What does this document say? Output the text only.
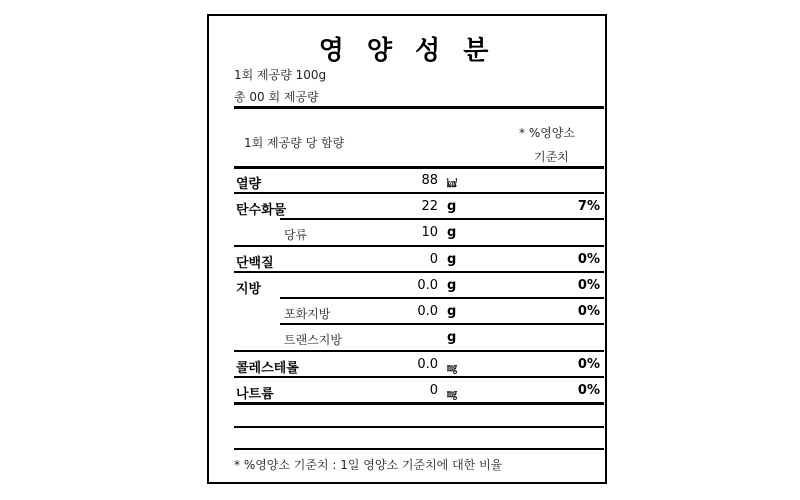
영 양 성 분
1회 제공량 100g
총 00 회 제공량
1회 제공량 당 함량
* %영양소
기준치
열량	88 ㎉
탄수화물	22 g	7%
당류	10 g
단백질	0 g	0%
지방	0.0 g	0%
포화지방	0.0 g	0%
트랜스지방	g
콜레스테롤	0.0 ㎎	0%
나트륨	0 ㎎	0%
* %영양소 기준치 : 1일 영양소 기준치에 대한 비율
